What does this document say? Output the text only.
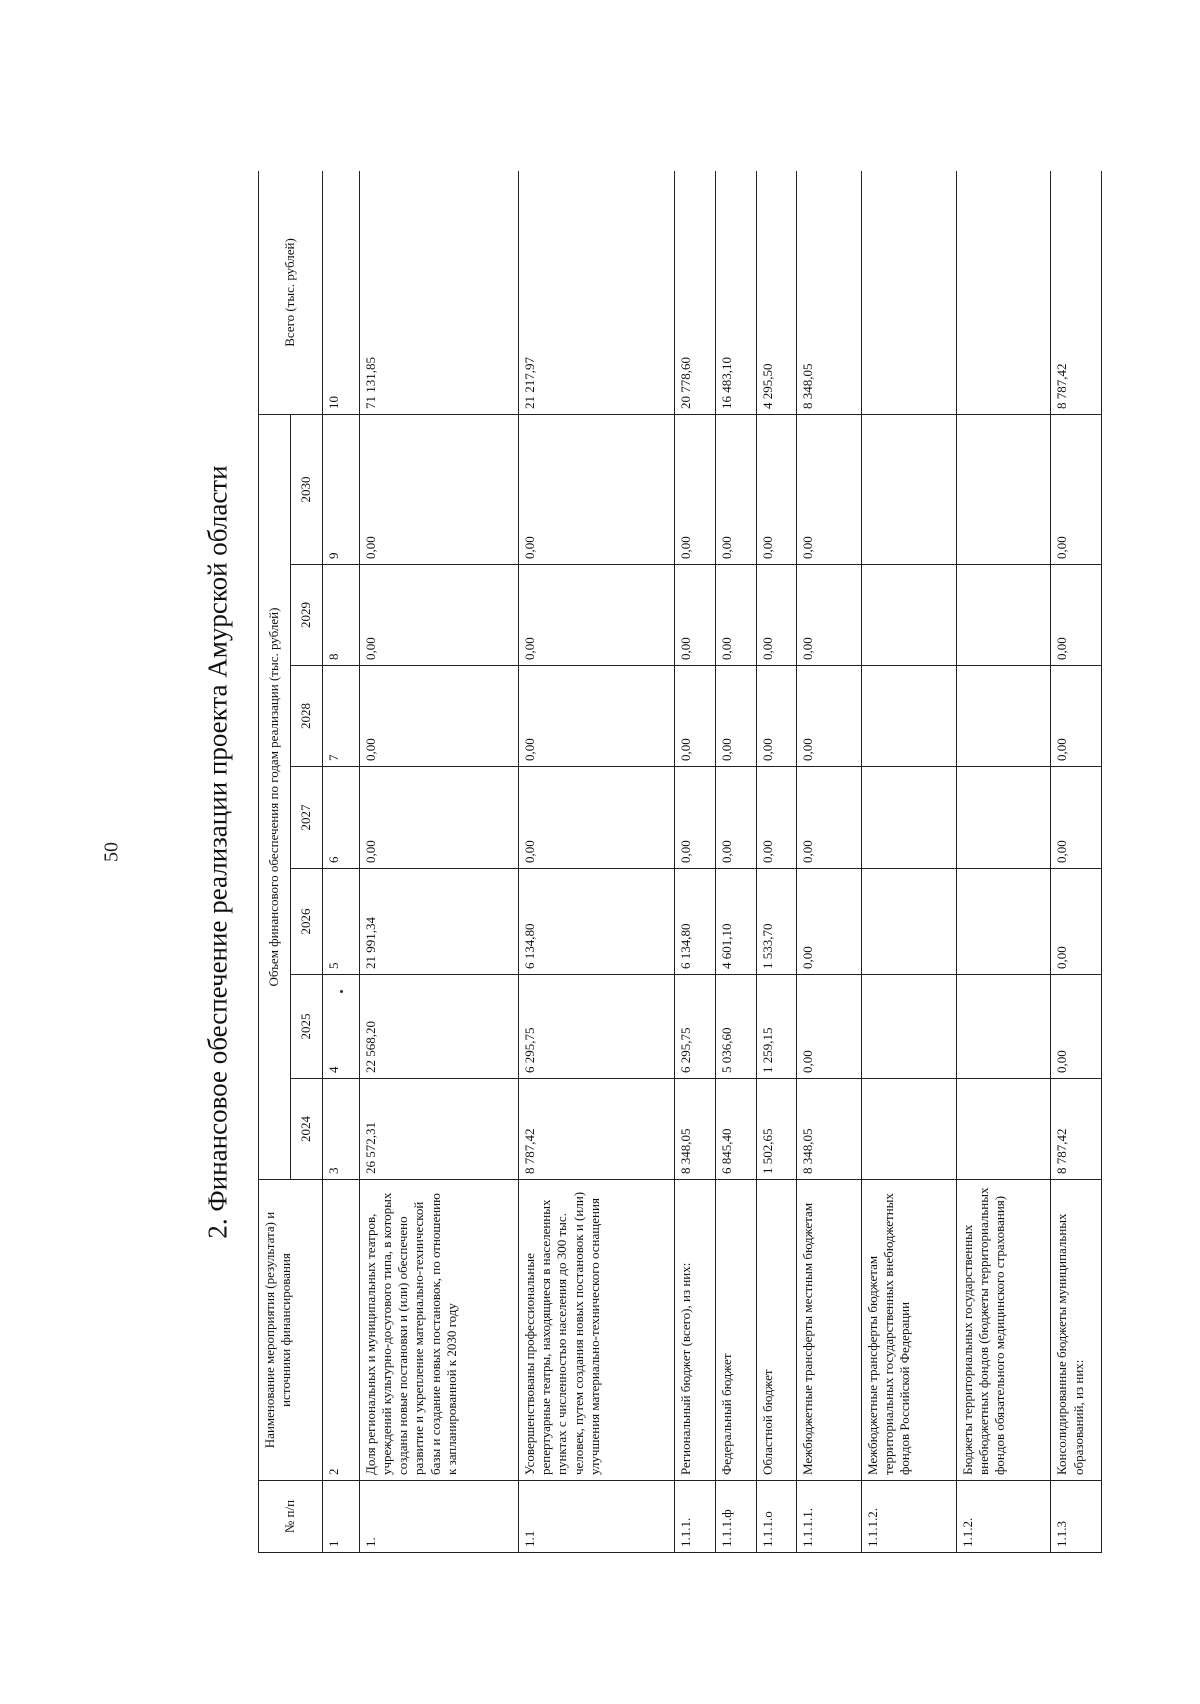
50	2. Финансовое обеспечение реализации проекта Амурской области
№ п/п	Наименование мероприятия (результата) и источники финансирования	Объем финансового обеспечения по годам реализации (тыс. рублей)							Всего (тыс. рублей)
		2024	2025	2026	2027	2028	2029	2030	
1	2	3	4	5	6	7	8	9	10
1.	Доля региональных и муниципальных театров, учреждений культурно-досугового типа, в которых созданы новые постановки и (или) обеспечено развитие и укрепление материально-технической базы и создание новых постановок, по отношению к запланированной к 2030 году	26 572,31	22 568,20	21 991,34	0,00	0,00	0,00	0,00	71 131,85
1.1	Усовершенствованы профессиональные репертуарные театры, находящиеся в населенных пунктах с численностью населения до 300 тыс. человек, путем создания новых постановок и (или) улучшения материально-технического оснащения	8 787,42	6 295,75	6 134,80	0,00	0,00	0,00	0,00	21 217,97
1.1.1.	Региональный бюджет (всего), из них:	8 348,05	6 295,75	6 134,80	0,00	0,00	0,00	0,00	20 778,60
1.1.1.ф	Федеральный бюджет	6 845,40	5 036,60	4 601,10	0,00	0,00	0,00	0,00	16 483,10
1.1.1.о	Областной бюджет	1 502,65	1 259,15	1 533,70	0,00	0,00	0,00	0,00	4 295,50
1.1.1.1.	Межбюджетные трансферты местным бюджетам	8 348,05	0,00	0,00	0,00	0,00	0,00	0,00	8 348,05
1.1.1.2.	Межбюджетные трансферты бюджетам территориальных государственных внебюджетных фондов Российской Федерации								
1.1.2.	Бюджеты территориальных государственных внебюджетных фондов (бюджеты территориальных фондов обязательного медицинского страхования)								
1.1.3	Консолидированные бюджеты муниципальных образований, из них:	8 787,42	0,00	0,00	0,00	0,00	0,00	0,00	8 787,42
